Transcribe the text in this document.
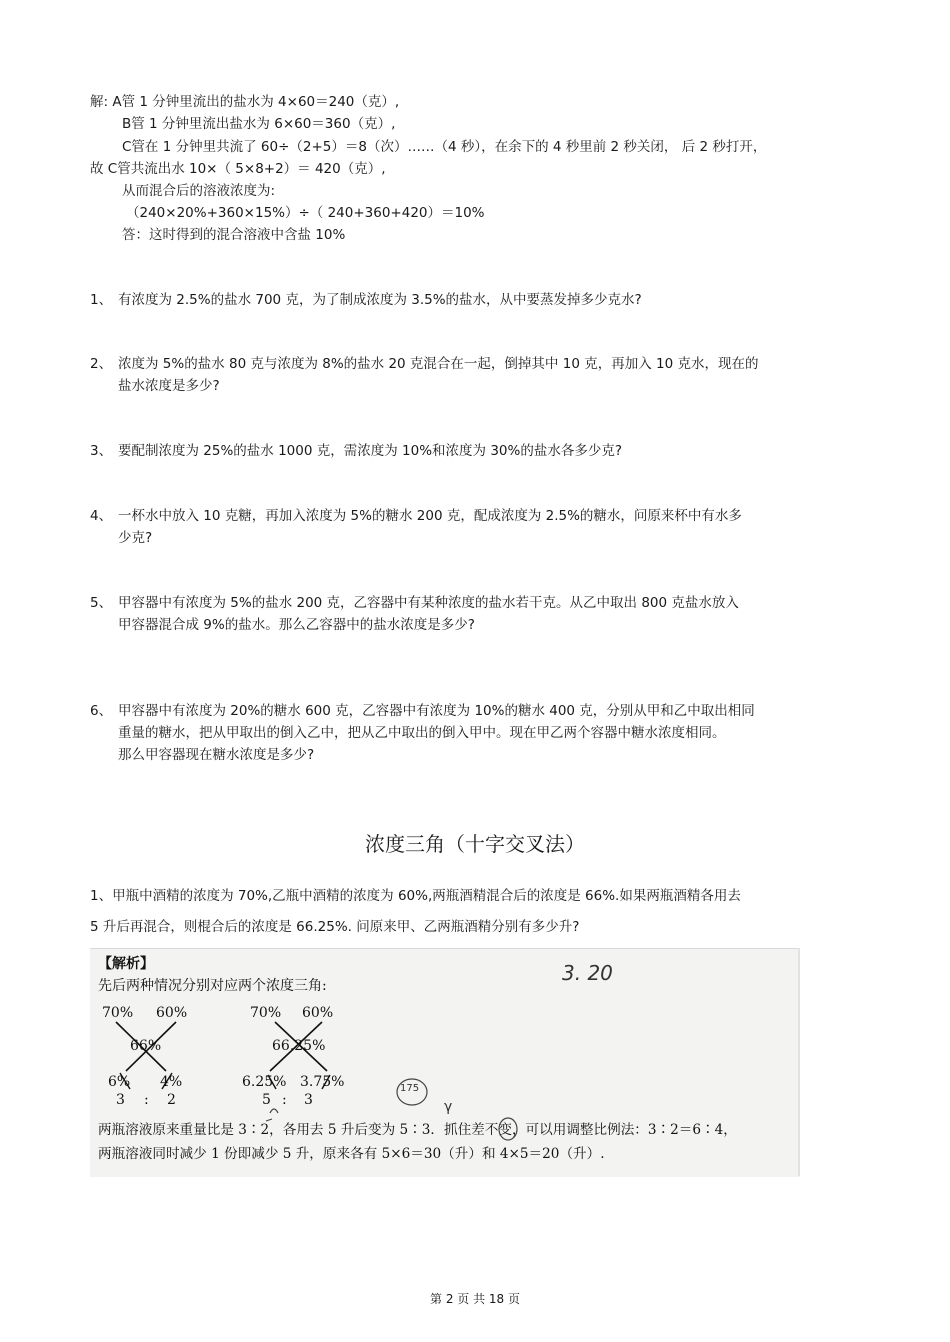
解: A管 1 分钟里流出的盐水为 4×60＝240（克）,
B管 1 分钟里流出盐水为 6×60＝360（克）,
C管在 1 分钟里共流了 60÷（2+5）＝8（次）……（4 秒），在余下的 4 秒里前 2 秒关闭， 后 2 秒打开，
故 C管共流出水 10×（ 5×8+2）＝ 420（克）,
从而混合后的溶液浓度为:
（240×20%+360×15%）÷（ 240+360+420）＝10%
答：这时得到的混合溶液中含盐 10%
1、 有浓度为 2.5%的盐水 700 克，为了制成浓度为 3.5%的盐水，从中要蒸发掉多少克水?
2、 浓度为 5%的盐水 80 克与浓度为 8%的盐水 20 克混合在一起，倒掉其中 10 克，再加入 10 克水，现在的
盐水浓度是多少?
3、 要配制浓度为 25%的盐水 1000 克，需浓度为 10%和浓度为 30%的盐水各多少克?
4、 一杯水中放入 10 克糖，再加入浓度为 5%的糖水 200 克，配成浓度为 2.5%的糖水，问原来杯中有水多
少克?
5、 甲容器中有浓度为 5%的盐水 200 克，乙容器中有某种浓度的盐水若干克。从乙中取出 800 克盐水放入
甲容器混合成 9%的盐水。那么乙容器中的盐水浓度是多少?
6、 甲容器中有浓度为 20%的糖水 600 克，乙容器中有浓度为 10%的糖水 400 克，分别从甲和乙中取出相同
重量的糖水，把从甲取出的倒入乙中，把从乙中取出的倒入甲中。现在甲乙两个容器中糖水浓度相同。
那么甲容器现在糖水浓度是多少?
浓度三角（十字交叉法）
1、甲瓶中酒精的浓度为 70%,乙瓶中酒精的浓度为 60%,两瓶酒精混合后的浓度是 66%.如果两瓶酒精各用去
5 升后再混合，则棍合后的浓度是 66.25%. 问原来甲、乙两瓶酒精分别有多少升?
【解析】
先后两种情况分别对应两个浓度三角:
70% 60%
66%
6% 4%
3 : 2
70% 60%
66.25%
6.25% 3.75%
5 : 3
两瓶溶液原来重量比是 3∶2，各用去 5 升后变为 5∶3．抓住差不变，可以用调整比例法：3∶2＝6∶4，
两瓶溶液同时减少 1 份即减少 5 升，原来各有 5×6＝30（升）和 4×5＝20（升）.
3. 20
175
γ
第 2 页 共 18 页
